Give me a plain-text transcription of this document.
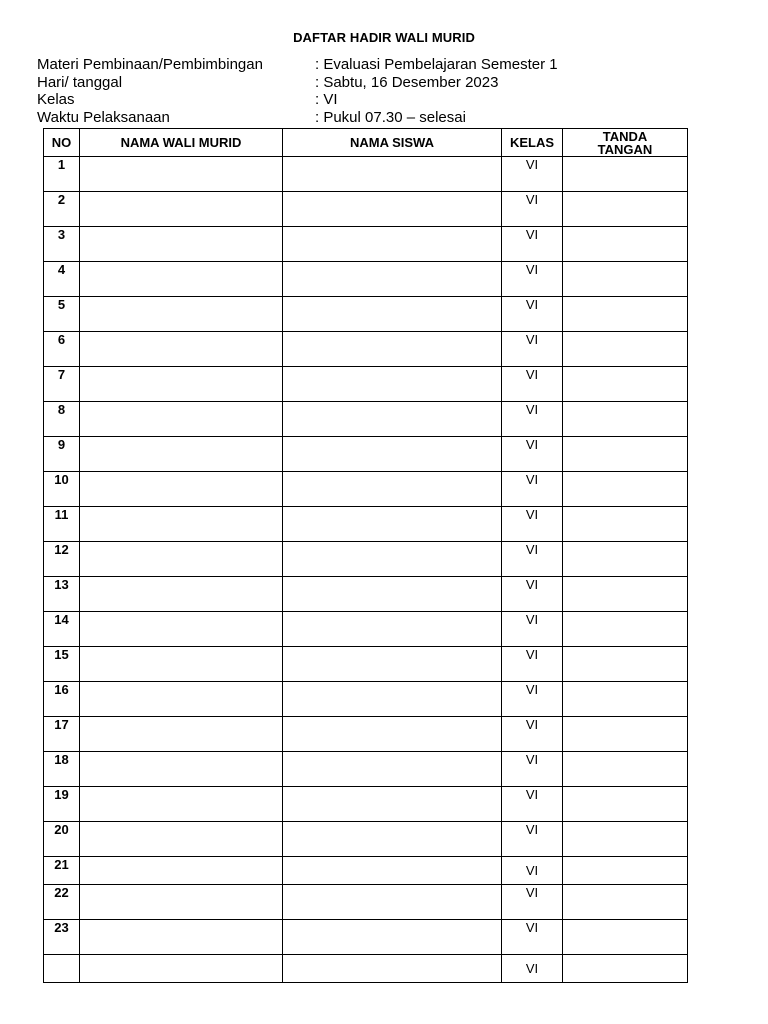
DAFTAR HADIR WALI MURID
Materi Pembinaan/Pembimbingan	: Evaluasi Pembelajaran Semester 1
Hari/ tanggal	: Sabtu, 16 Desember 2023
Kelas	: VI
Waktu Pelaksanaan	: Pukul 07.30 – selesai
NO	NAMA WALI MURID	NAMA SISWA	KELAS	TANDA
TANGAN

1			VI	

2			VI	

3			VI	

4			VI	

5			VI	

6			VI	

7			VI	

8			VI	

9			VI	

10			VI	

11			VI	

12			VI	

13			VI	

14			VI	

15			VI	

16			VI	

17			VI	

18			VI	

19			VI	

20			VI	

21			VI	

22			VI	

23			VI	

			VI	
